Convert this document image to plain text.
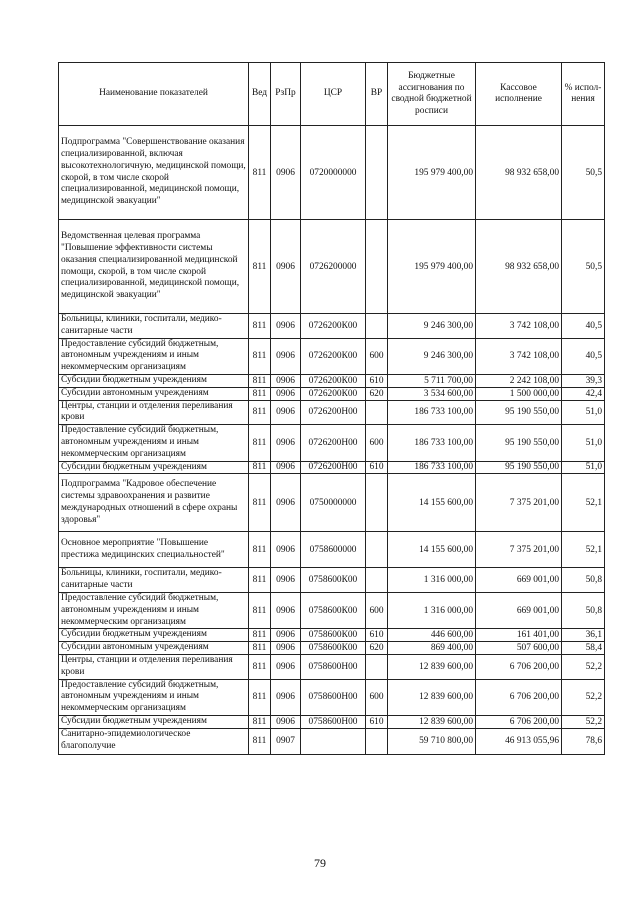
Наименование показателей	Вед	РзПр	ЦСР	ВР	Бюджетные ассигнования по сводной бюджетной росписи	Кассовое исполнение	% испол-нения
Подпрограмма "Совершенствование оказания специализированной, включая высокотехнологичную, медицинской помощи, скорой, в том числе скорой специализированной, медицинской помощи, медицинской эвакуации"	811	0906	0720000000		195 979 400,00	98 932 658,00	50,5
Ведомственная целевая программа "Повышение эффективности системы оказания специализированной медицинской помощи, скорой, в том числе скорой специализированной, медицинской помощи, медицинской эвакуации"	811	0906	0726200000		195 979 400,00	98 932 658,00	50,5
Больницы, клиники, госпитали, медико-санитарные части	811	0906	0726200К00		9 246 300,00	3 742 108,00	40,5
Предоставление субсидий бюджетным, автономным учреждениям и иным некоммерческим организациям	811	0906	0726200К00	600	9 246 300,00	3 742 108,00	40,5
Субсидии бюджетным учреждениям	811	0906	0726200К00	610	5 711 700,00	2 242 108,00	39,3
Субсидии автономным учреждениям	811	0906	0726200К00	620	3 534 600,00	1 500 000,00	42,4
Центры, станции и отделения переливания крови	811	0906	0726200Н00		186 733 100,00	95 190 550,00	51,0
Предоставление субсидий бюджетным, автономным учреждениям и иным некоммерческим организациям	811	0906	0726200Н00	600	186 733 100,00	95 190 550,00	51,0
Субсидии бюджетным учреждениям	811	0906	0726200Н00	610	186 733 100,00	95 190 550,00	51,0
Подпрограмма "Кадровое обеспечение системы здравоохранения и развитие международных отношений в сфере охраны здоровья"	811	0906	0750000000		14 155 600,00	7 375 201,00	52,1
Основное мероприятие "Повышение престижа медицинских специальностей"	811	0906	0758600000		14 155 600,00	7 375 201,00	52,1
Больницы, клиники, госпитали, медико-санитарные части	811	0906	0758600К00		1 316 000,00	669 001,00	50,8
Предоставление субсидий бюджетным, автономным учреждениям и иным некоммерческим организациям	811	0906	0758600К00	600	1 316 000,00	669 001,00	50,8
Субсидии бюджетным учреждениям	811	0906	0758600К00	610	446 600,00	161 401,00	36,1
Субсидии автономным учреждениям	811	0906	0758600К00	620	869 400,00	507 600,00	58,4
Центры, станции и отделения переливания крови	811	0906	0758600Н00		12 839 600,00	6 706 200,00	52,2
Предоставление субсидий бюджетным, автономным учреждениям и иным некоммерческим организациям	811	0906	0758600Н00	600	12 839 600,00	6 706 200,00	52,2
Субсидии бюджетным учреждениям	811	0906	0758600Н00	610	12 839 600,00	6 706 200,00	52,2
Санитарно-эпидемиологическое благополучие	811	0907			59 710 800,00	46 913 055,96	78,6
79
